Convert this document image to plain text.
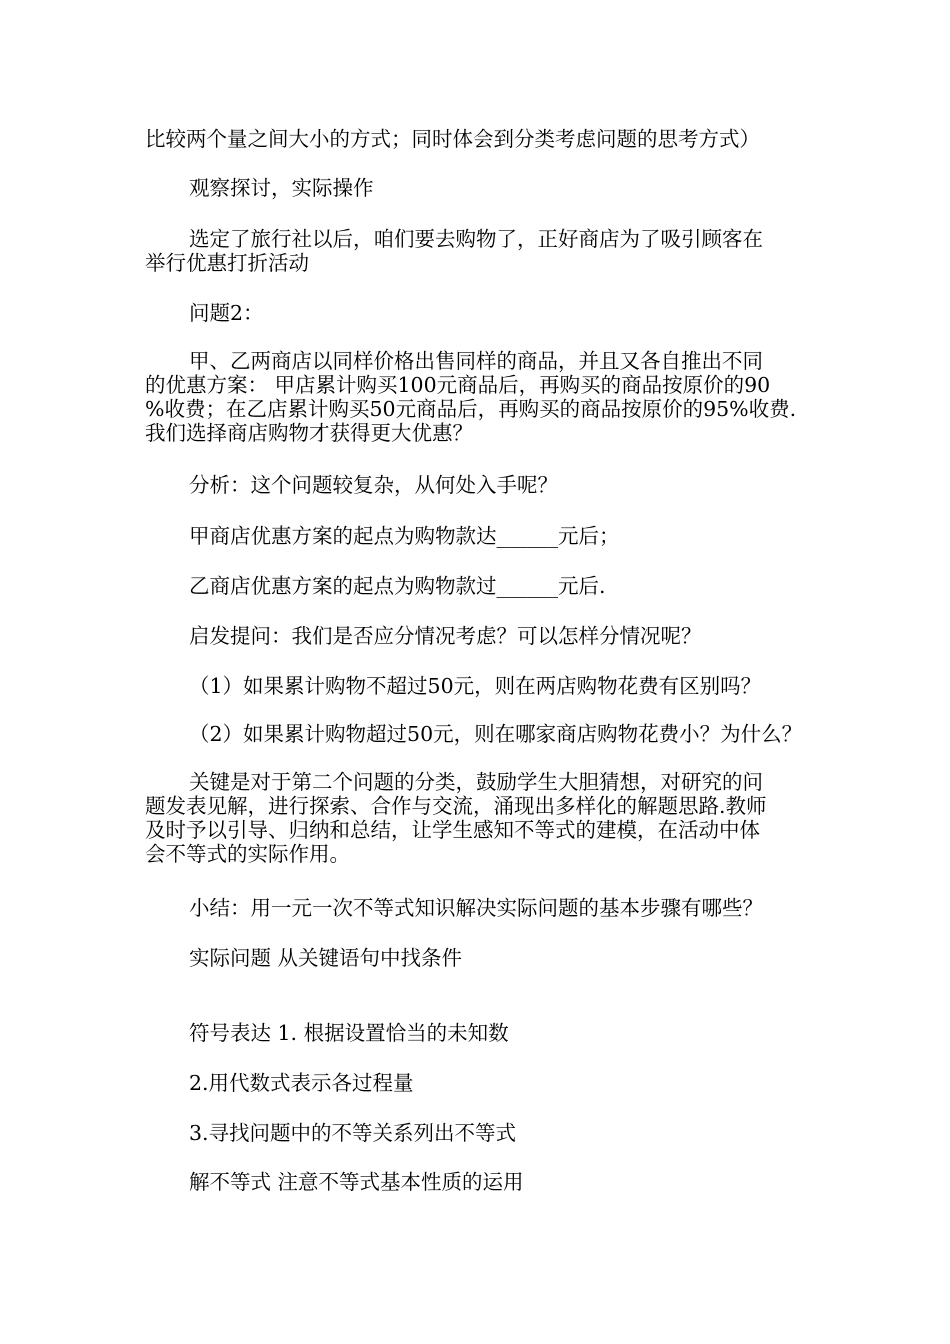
比较两个量之间大小的方式；同时体会到分类考虑问题的思考方式）

观察探讨，实际操作

选定了旅行社以后，咱们要去购物了，正好商店为了吸引顾客在
举行优惠打折活动

问题2：

甲、乙两商店以同样价格出售同样的商品，并且又各自推出不同
的优惠方案： 甲店累计购买100元商品后，再购买的商品按原价的90
%收费；在乙店累计购买50元商品后，再购买的商品按原价的95%收费.
我们选择商店购物才获得更大优惠？

分析：这个问题较复杂，从何处入手呢？

甲商店优惠方案的起点为购物款达______元后；

乙商店优惠方案的起点为购物款过______元后.

启发提问：我们是否应分情况考虑？可以怎样分情况呢？

（1）如果累计购物不超过50元，则在两店购物花费有区别吗？

（2）如果累计购物超过50元，则在哪家商店购物花费小？为什么？

关键是对于第二个问题的分类，鼓励学生大胆猜想，对研究的问
题发表见解，进行探索、合作与交流，涌现出多样化的解题思路.教师
及时予以引导、归纳和总结，让学生感知不等式的建模，在活动中体
会不等式的实际作用。

小结：用一元一次不等式知识解决实际问题的基本步骤有哪些？

实际问题 从关键语句中找条件

符号表达 1. 根据设置恰当的未知数

2.用代数式表示各过程量

3.寻找问题中的不等关系列出不等式

解不等式 注意不等式基本性质的运用
